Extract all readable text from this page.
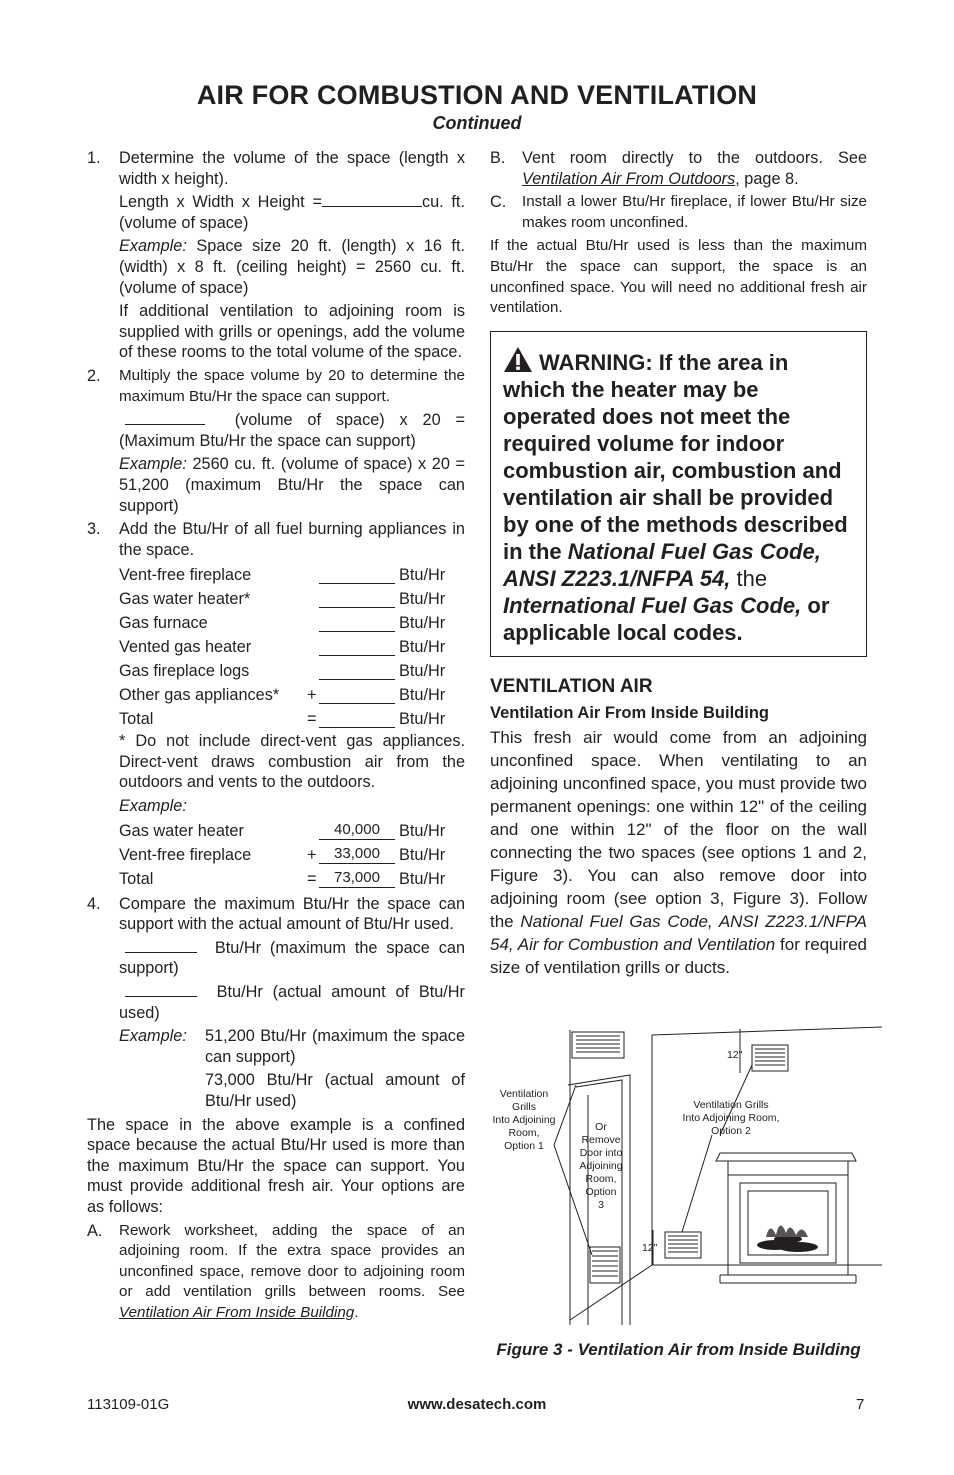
AIR FOR COMBUSTION AND VENTILATION
Continued
1. Determine the volume of the space (length x width x height).
Length x Width x Height =	cu. ft. (volume of space)
Example: Space size 20 ft. (length) x 16 ft. (width) x 8 ft. (ceiling height) = 2560 cu. ft. (volume of space)
If additional ventilation to adjoining room is supplied with grills or openings, add the volume of these rooms to the total volume of the space.
2. Multiply the space volume by 20 to determine the maximum Btu/Hr the space can support.
(volume of space) x 20 = (Maximum Btu/Hr the space can support)
Example: 2560 cu. ft. (volume of space) x 20 = 51,200 (maximum Btu/Hr the space can support)
3. Add the Btu/Hr of all fuel burning appliances in the space.
Vent-free fireplace	Btu/Hr
Gas water heater*	Btu/Hr
Gas furnace	Btu/Hr
Vented gas heater	Btu/Hr
Gas fireplace logs	Btu/Hr
Other gas appliances*	+	Btu/Hr
Total	=	Btu/Hr
* Do not include direct-vent gas appliances. Direct-vent draws combustion air from the outdoors and vents to the outdoors.
Example:
Gas water heater	40,000	Btu/Hr
Vent-free fireplace	+	33,000	Btu/Hr
Total	=	73,000	Btu/Hr
4. Compare the maximum Btu/Hr the space can support with the actual amount of Btu/Hr used.
Btu/Hr (maximum the space can support)
Btu/Hr (actual amount of Btu/Hr used)
Example:	51,200 Btu/Hr (maximum the space can support)
73,000 Btu/Hr (actual amount of Btu/Hr used)
The space in the above example is a confined space because the actual Btu/Hr used is more than the maximum Btu/Hr the space can support. You must provide additional fresh air. Your options are as follows:
A. Rework worksheet, adding the space of an adjoining room. If the extra space provides an unconfined space, remove door to adjoining room or add ventilation grills between rooms. See Ventilation Air From Inside Building.
B. Vent room directly to the outdoors. See Ventilation Air From Outdoors, page 8.
C. Install a lower Btu/Hr fireplace, if lower Btu/Hr size makes room unconfined.
If the actual Btu/Hr used is less than the maximum Btu/Hr the space can support, the space is an unconfined space. You will need no additional fresh air ventilation.
WARNING: If the area in which the heater may be operated does not meet the required volume for indoor combustion air, combustion and ventilation air shall be provided by one of the methods described in the National Fuel Gas Code, ANSI Z223.1/NFPA 54, the International Fuel Gas Code, or applicable local codes.
VENTILATION AIR
Ventilation Air From Inside Building
This fresh air would come from an adjoining unconfined space. When ventilating to an adjoining unconfined space, you must provide two permanent openings: one within 12" of the ceiling and one within 12" of the floor on the wall connecting the two spaces (see options 1 and 2, Figure 3). You can also remove door into adjoining room (see option 3, Figure 3). Follow the National Fuel Gas Code, ANSI Z223.1/NFPA 54, Air for Combustion and Ventilation for required size of ventilation grills or ducts.
Ventilation
Grills
Into Adjoining
Room,
Option 1
Or
Remove
Door into
Adjoining
Room,
Option
3
Ventilation Grills
Into Adjoining Room,
Option 2
12"
12"
Figure 3 - Ventilation Air from Inside Building
113109-01G	www.desatech.com	7
